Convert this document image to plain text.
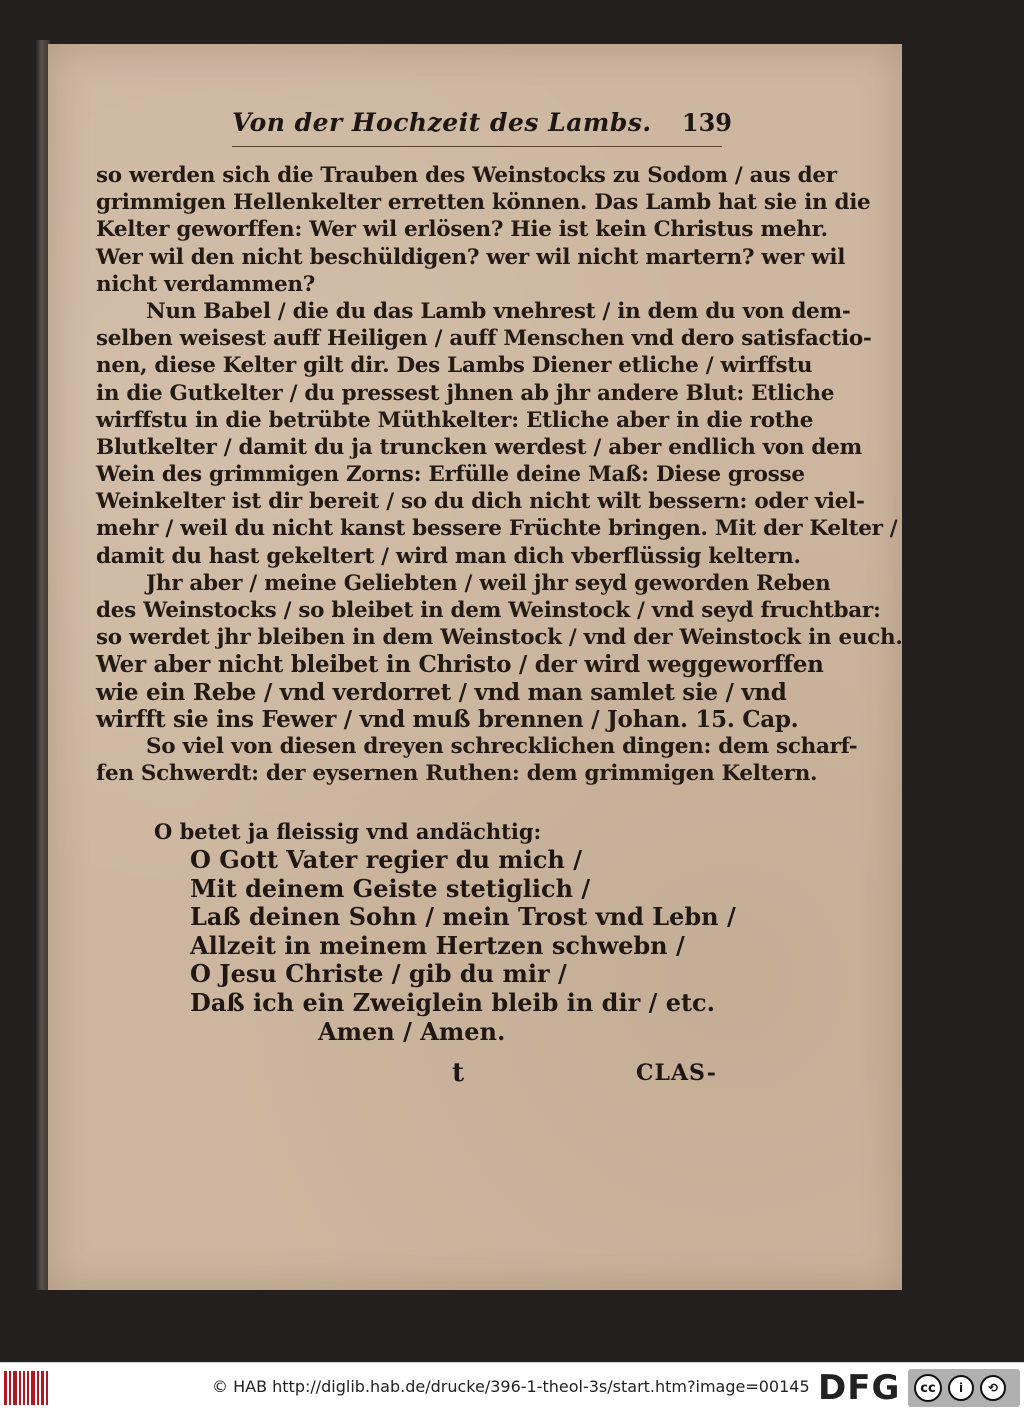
Von der Hochzeit des Lambs. 139
so werden sich die Trauben des Weinstocks zu Sodom / aus der
grimmigen Hellenkelter erretten können. Das Lamb hat sie in die
Kelter geworffen: Wer wil erlösen? Hie ist kein Christus mehr.
Wer wil den nicht beschüldigen? wer wil nicht martern? wer wil
nicht verdammen?
Nun Babel / die du das Lamb vnehrest / in dem du von dem-
selben weisest auff Heiligen / auff Menschen vnd dero satisfactio-
nen, diese Kelter gilt dir. Des Lambs Diener etliche / wirffstu
in die Gutkelter / du pressest jhnen ab jhr andere Blut: Etliche
wirffstu in die betrübte Müthkelter: Etliche aber in die rothe
Blutkelter / damit du ja truncken werdest / aber endlich von dem
Wein des grimmigen Zorns: Erfülle deine Maß: Diese grosse
Weinkelter ist dir bereit / so du dich nicht wilt bessern: oder viel-
mehr / weil du nicht kanst bessere Früchte bringen. Mit der Kelter /
damit du hast gekeltert / wird man dich vberflüssig keltern.
Jhr aber / meine Geliebten / weil jhr seyd geworden Reben
des Weinstocks / so bleibet in dem Weinstock / vnd seyd fruchtbar:
so werdet jhr bleiben in dem Weinstock / vnd der Weinstock in euch.
Wer aber nicht bleibet in Christo / der wird weggeworffen
wie ein Rebe / vnd verdorret / vnd man samlet sie / vnd
wirfft sie ins Fewer / vnd muß brennen / Johan. 15. Cap.
So viel von diesen dreyen schrecklichen dingen: dem scharf-
fen Schwerdt: der eysernen Ruthen: dem grimmigen Keltern.
O betet ja fleissig vnd andächtig:
O Gott Vater regier du mich /
Mit deinem Geiste stetiglich /
Laß deinen Sohn / mein Trost vnd Lebn /
Allzeit in meinem Hertzen schwebn /
O Jesu Christe / gib du mir /
Daß ich ein Zweiglein bleib in dir / etc.
Amen / Amen.
t	CLAS-
© HAB http://diglib.hab.de/drucke/396-1-theol-3s/start.htm?image=00145 DFG	cc	i	⟲
